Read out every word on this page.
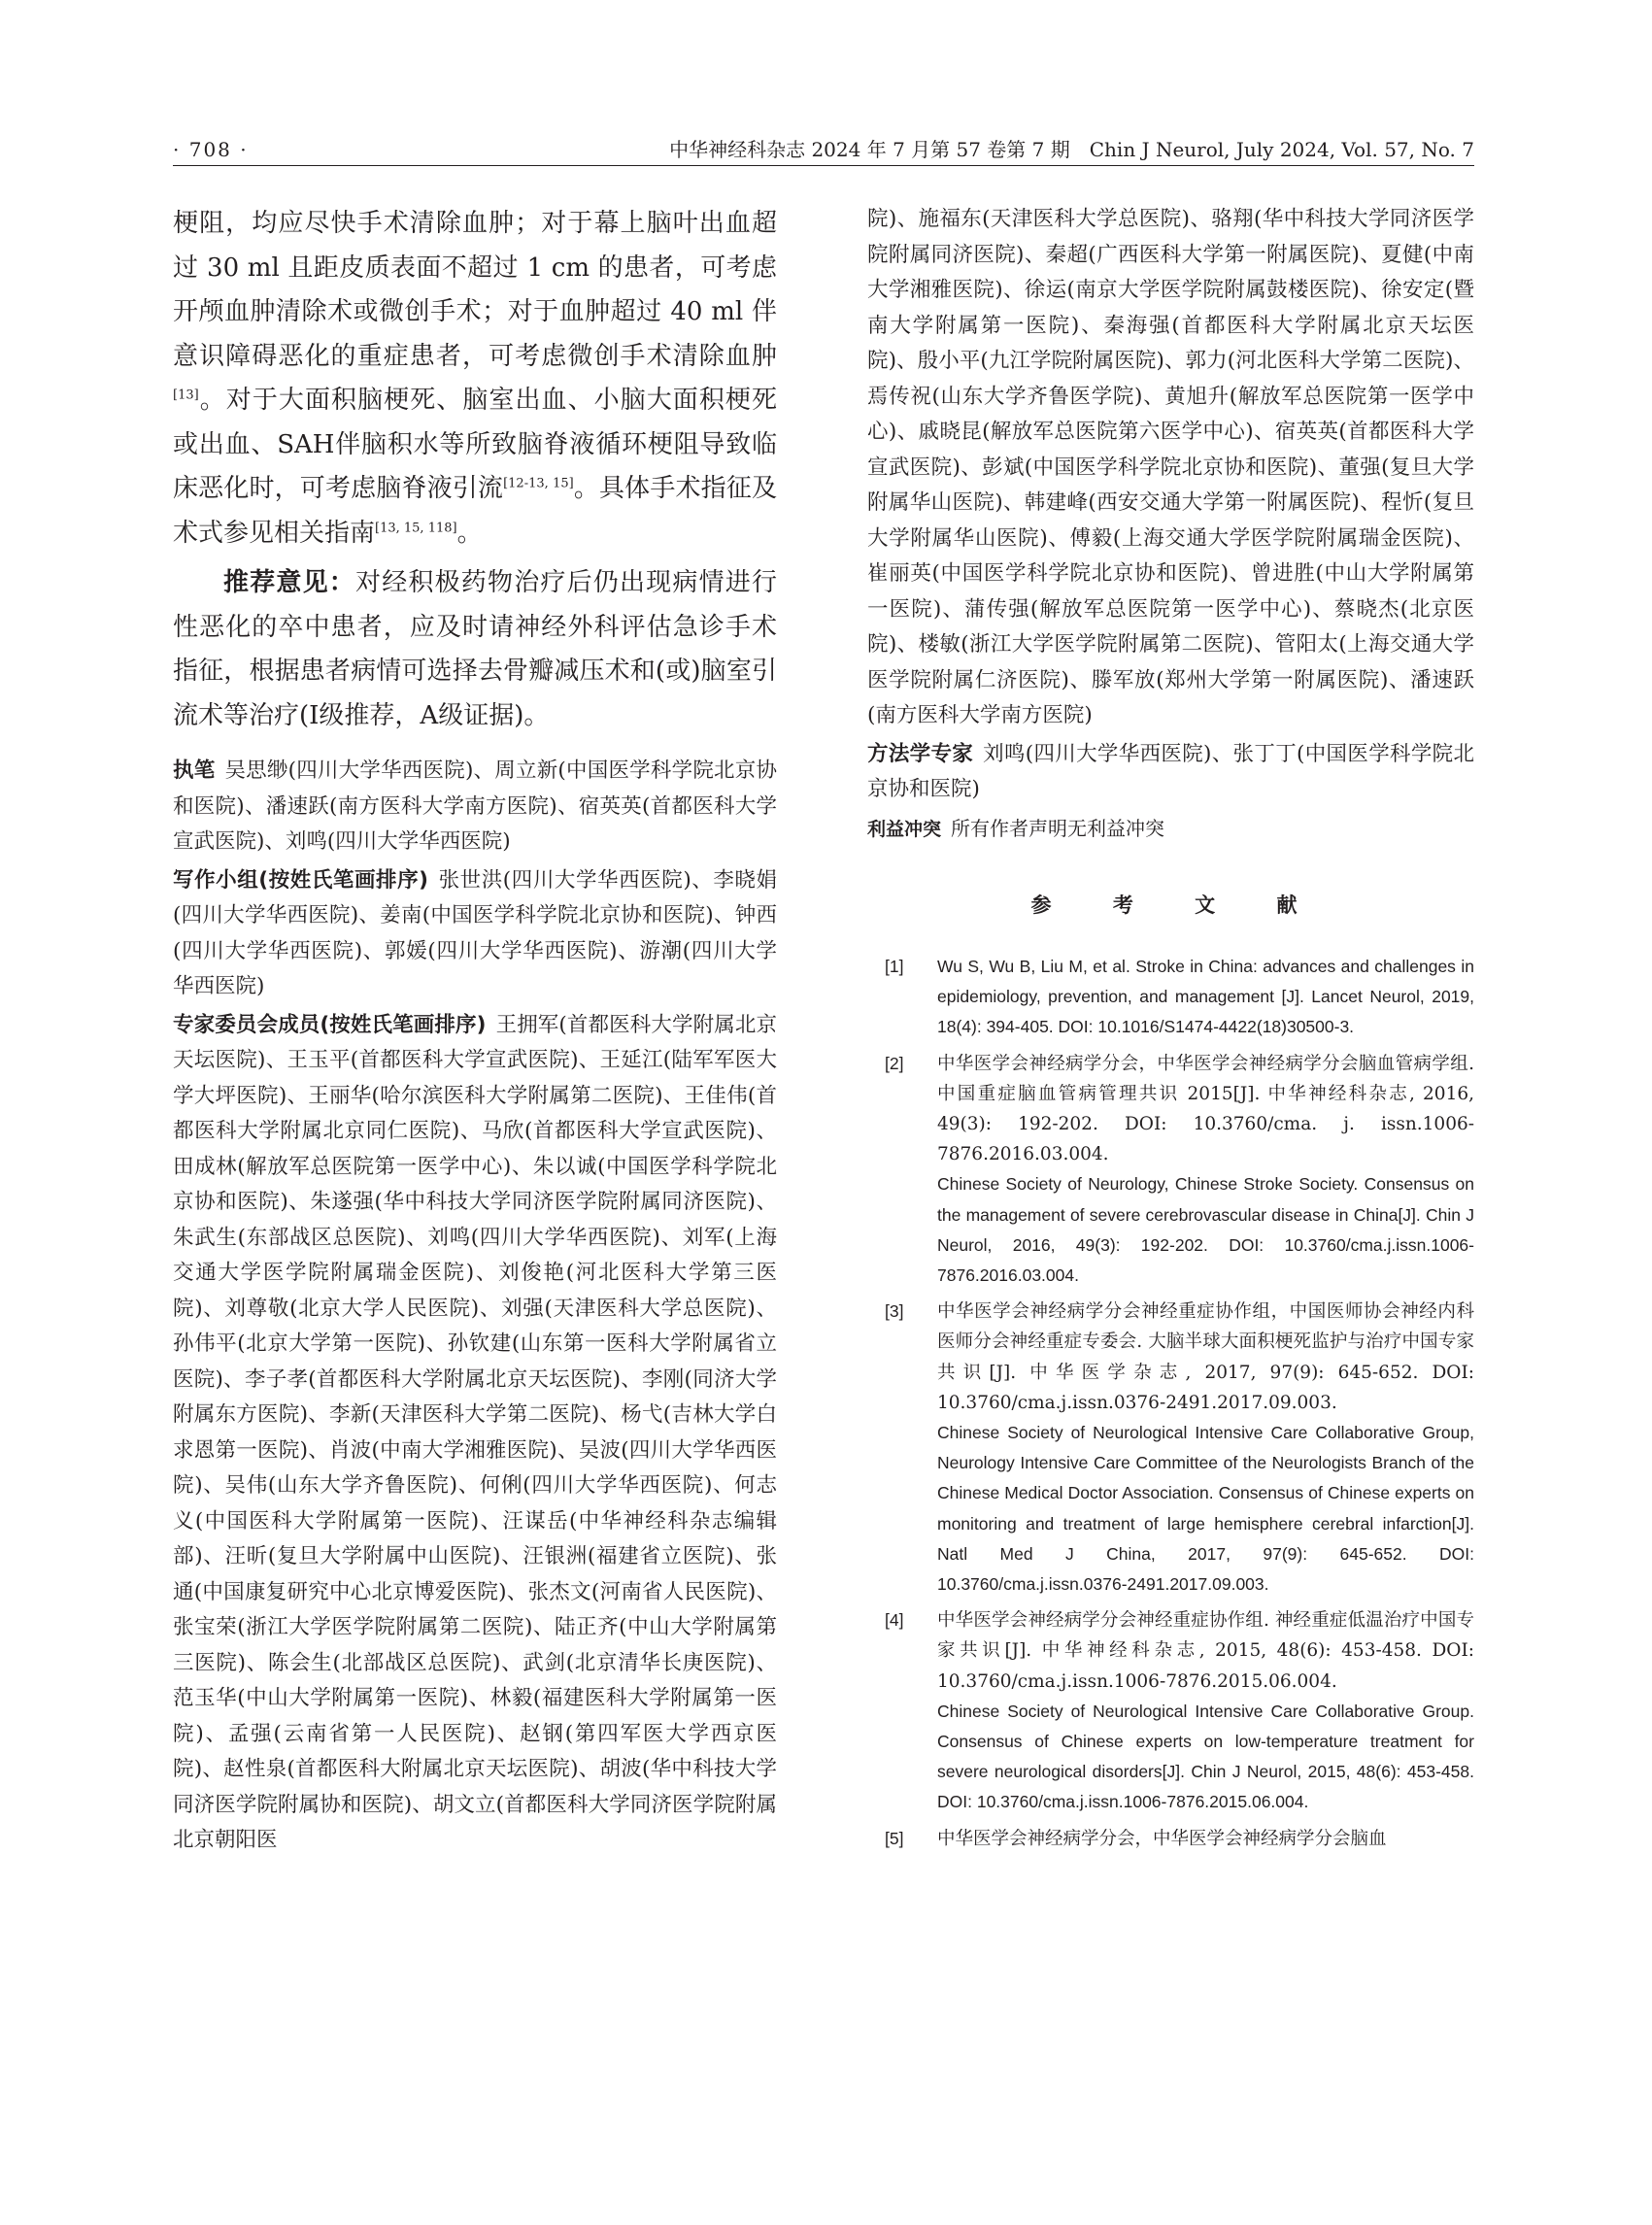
· 708 ·	中华神经科杂志 2024 年 7 月第 57 卷第 7 期　Chin J Neurol, July 2024, Vol. 57, No. 7

梗阻，均应尽快手术清除血肿；对于幕上脑叶出血超过 30 ml 且距皮质表面不超过 1 cm 的患者，可考虑开颅血肿清除术或微创手术；对于血肿超过 40 ml 伴意识障碍恶化的重症患者，可考虑微创手术清除血肿[13]。对于大面积脑梗死、脑室出血、小脑大面积梗死或出血、SAH伴脑积水等所致脑脊液循环梗阻导致临床恶化时，可考虑脑脊液引流[12-13, 15]。具体手术指征及术式参见相关指南[13, 15, 118]。

推荐意见：对经积极药物治疗后仍出现病情进行性恶化的卒中患者，应及时请神经外科评估急诊手术指征，根据患者病情可选择去骨瓣减压术和(或)脑室引流术等治疗(Ⅰ级推荐，A级证据)。

执笔 吴思缈(四川大学华西医院)、周立新(中国医学科学院北京协和医院)、潘速跃(南方医科大学南方医院)、宿英英(首都医科大学宣武医院)、刘鸣(四川大学华西医院)

写作小组(按姓氏笔画排序) 张世洪(四川大学华西医院)、李晓娟(四川大学华西医院)、姜南(中国医学科学院北京协和医院)、钟西(四川大学华西医院)、郭媛(四川大学华西医院)、游潮(四川大学华西医院)

专家委员会成员(按姓氏笔画排序) 王拥军(首都医科大学附属北京天坛医院)、王玉平(首都医科大学宣武医院)、王延江(陆军军医大学大坪医院)、王丽华(哈尔滨医科大学附属第二医院)、王佳伟(首都医科大学附属北京同仁医院)、马欣(首都医科大学宣武医院)、田成林(解放军总医院第一医学中心)、朱以诚(中国医学科学院北京协和医院)、朱遂强(华中科技大学同济医学院附属同济医院)、朱武生(东部战区总医院)、刘鸣(四川大学华西医院)、刘军(上海交通大学医学院附属瑞金医院)、刘俊艳(河北医科大学第三医院)、刘尊敬(北京大学人民医院)、刘强(天津医科大学总医院)、孙伟平(北京大学第一医院)、孙钦建(山东第一医科大学附属省立医院)、李子孝(首都医科大学附属北京天坛医院)、李刚(同济大学附属东方医院)、李新(天津医科大学第二医院)、杨弋(吉林大学白求恩第一医院)、肖波(中南大学湘雅医院)、吴波(四川大学华西医院)、吴伟(山东大学齐鲁医院)、何俐(四川大学华西医院)、何志义(中国医科大学附属第一医院)、汪谋岳(中华神经科杂志编辑部)、汪昕(复旦大学附属中山医院)、汪银洲(福建省立医院)、张通(中国康复研究中心北京博爱医院)、张杰文(河南省人民医院)、张宝荣(浙江大学医学院附属第二医院)、陆正齐(中山大学附属第三医院)、陈会生(北部战区总医院)、武剑(北京清华长庚医院)、范玉华(中山大学附属第一医院)、林毅(福建医科大学附属第一医院)、孟强(云南省第一人民医院)、赵钢(第四军医大学西京医院)、赵性泉(首都医科大附属北京天坛医院)、胡波(华中科技大学同济医学院附属协和医院)、胡文立(首都医科大学同济医学院附属北京朝阳医

院)、施福东(天津医科大学总医院)、骆翔(华中科技大学同济医学院附属同济医院)、秦超(广西医科大学第一附属医院)、夏健(中南大学湘雅医院)、徐运(南京大学医学院附属鼓楼医院)、徐安定(暨南大学附属第一医院)、秦海强(首都医科大学附属北京天坛医院)、殷小平(九江学院附属医院)、郭力(河北医科大学第二医院)、焉传祝(山东大学齐鲁医学院)、黄旭升(解放军总医院第一医学中心)、戚晓昆(解放军总医院第六医学中心)、宿英英(首都医科大学宣武医院)、彭斌(中国医学科学院北京协和医院)、董强(复旦大学附属华山医院)、韩建峰(西安交通大学第一附属医院)、程忻(复旦大学附属华山医院)、傅毅(上海交通大学医学院附属瑞金医院)、崔丽英(中国医学科学院北京协和医院)、曾进胜(中山大学附属第一医院)、蒲传强(解放军总医院第一医学中心)、蔡晓杰(北京医院)、楼敏(浙江大学医学院附属第二医院)、管阳太(上海交通大学医学院附属仁济医院)、滕军放(郑州大学第一附属医院)、潘速跃(南方医科大学南方医院)

方法学专家 刘鸣(四川大学华西医院)、张丁丁(中国医学科学院北京协和医院)

利益冲突 所有作者声明无利益冲突

参 考 文 献
[1] Wu S, Wu B, Liu M, et al. Stroke in China: advances and challenges in epidemiology, prevention, and management [J]. Lancet Neurol, 2019, 18(4): 394-405. DOI: 10.1016/S1474-4422(18)30500-3.
[2] 中华医学会神经病学分会，中华医学会神经病学分会脑血管病学组. 中国重症脑血管病管理共识 2015[J]. 中华神经科杂志, 2016, 49(3): 192-202. DOI: 10.3760/cma. j. issn.1006-7876.2016.03.004.
Chinese Society of Neurology, Chinese Stroke Society. Consensus on the management of severe cerebrovascular disease in China[J]. Chin J Neurol, 2016, 49(3): 192-202. DOI: 10.3760/cma.j.issn.1006-7876.2016.03.004.
[3] 中华医学会神经病学分会神经重症协作组，中国医师协会神经内科医师分会神经重症专委会. 大脑半球大面积梗死监护与治疗中国专家共识[J]. 中华医学杂志, 2017, 97(9): 645-652. DOI: 10.3760/cma.j.issn.0376-2491.2017.09.003.
Chinese Society of Neurological Intensive Care Collaborative Group, Neurology Intensive Care Committee of the Neurologists Branch of the Chinese Medical Doctor Association. Consensus of Chinese experts on monitoring and treatment of large hemisphere cerebral infarction[J]. Natl Med J China, 2017, 97(9): 645-652. DOI: 10.3760/cma.j.issn.0376-2491.2017.09.003.
[4] 中华医学会神经病学分会神经重症协作组. 神经重症低温治疗中国专家共识[J]. 中华神经科杂志, 2015, 48(6): 453-458. DOI: 10.3760/cma.j.issn.1006-7876.2015.06.004.
Chinese Society of Neurological Intensive Care Collaborative Group. Consensus of Chinese experts on low-temperature treatment for severe neurological disorders[J]. Chin J Neurol, 2015, 48(6): 453-458. DOI: 10.3760/cma.j.issn.1006-7876.2015.06.004.
[5] 中华医学会神经病学分会，中华医学会神经病学分会脑血
